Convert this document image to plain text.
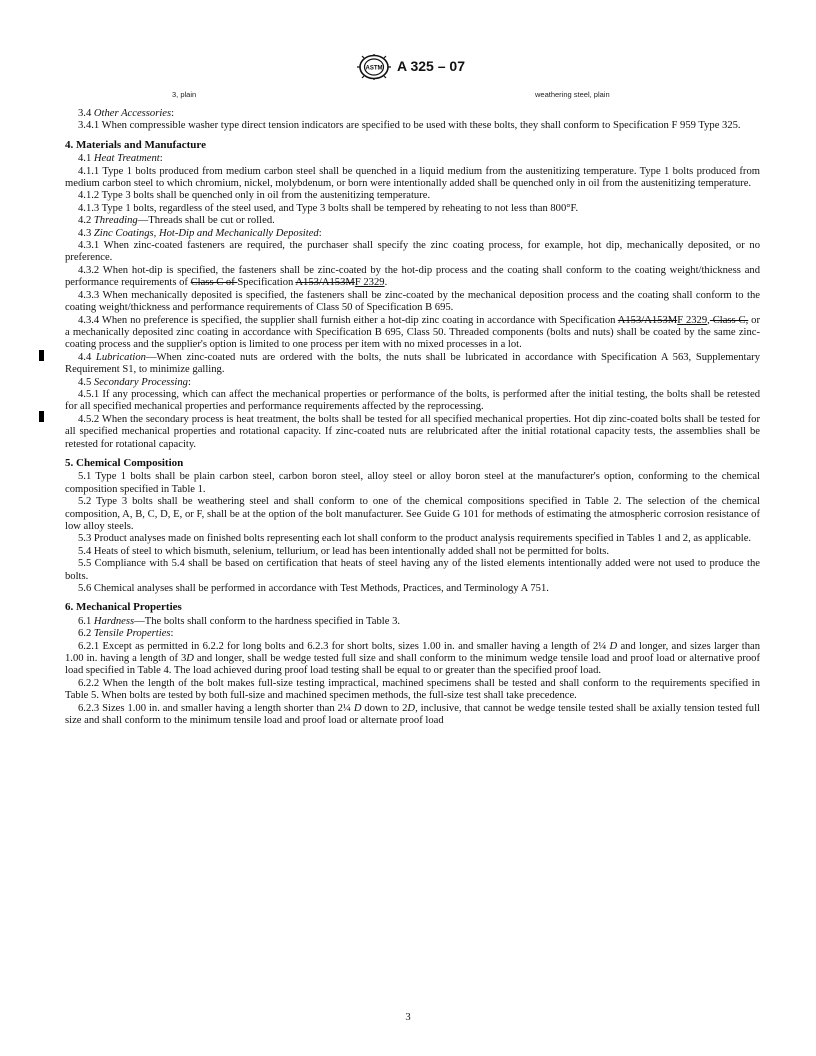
ASTM A 325 – 07
3, plain	weathering steel, plain

3.4 Other Accessories:

3.4.1 When compressible washer type direct tension indicators are specified to be used with these bolts, they shall conform to Specification F 959 Type 325.

4. Materials and Manufacture

4.1 Heat Treatment:

4.1.1 Type 1 bolts produced from medium carbon steel shall be quenched in a liquid medium from the austenitizing temperature. Type 1 bolts produced from medium carbon steel to which chromium, nickel, molybdenum, or born were intentionally added shall be quenched only in oil from the austenitizing temperature.

4.1.2 Type 3 bolts shall be quenched only in oil from the austenitizing temperature.

4.1.3 Type 1 bolts, regardless of the steel used, and Type 3 bolts shall be tempered by reheating to not less than 800°F.

4.2 Threading—Threads shall be cut or rolled.

4.3 Zinc Coatings, Hot-Dip and Mechanically Deposited:

4.3.1 When zinc-coated fasteners are required, the purchaser shall specify the zinc coating process, for example, hot dip, mechanically deposited, or no preference.

4.3.2 When hot-dip is specified, the fasteners shall be zinc-coated by the hot-dip process and the coating shall conform to the coating weight/thickness and performance requirements of Class C of Specification A153/A153MF 2329.

4.3.3 When mechanically deposited is specified, the fasteners shall be zinc-coated by the mechanical deposition process and the coating shall conform to the coating weight/thickness and performance requirements of Class 50 of Specification B 695.

4.3.4 When no preference is specified, the supplier shall furnish either a hot-dip zinc coating in accordance with Specification A153/A153MF 2329, Class C, or a mechanically deposited zinc coating in accordance with Specification B 695, Class 50. Threaded components (bolts and nuts) shall be coated by the same zinc-coating process and the supplier's option is limited to one process per item with no mixed processes in a lot.

4.4 Lubrication—When zinc-coated nuts are ordered with the bolts, the nuts shall be lubricated in accordance with Specification A 563, Supplementary Requirement S1, to minimize galling.

4.5 Secondary Processing:

4.5.1 If any processing, which can affect the mechanical properties or performance of the bolts, is performed after the initial testing, the bolts shall be retested for all specified mechanical properties and performance requirements affected by the reprocessing.

4.5.2 When the secondary process is heat treatment, the bolts shall be tested for all specified mechanical properties. Hot dip zinc-coated bolts shall be tested for all specified mechanical properties and rotational capacity. If zinc-coated nuts are relubricated after the initial rotational capacity tests, the assemblies shall be retested for rotational capacity.

5. Chemical Composition

5.1 Type 1 bolts shall be plain carbon steel, carbon boron steel, alloy steel or alloy boron steel at the manufacturer's option, conforming to the chemical composition specified in Table 1.

5.2 Type 3 bolts shall be weathering steel and shall conform to one of the chemical compositions specified in Table 2. The selection of the chemical composition, A, B, C, D, E, or F, shall be at the option of the bolt manufacturer. See Guide G 101 for methods of estimating the atmospheric corrosion resistance of low alloy steels.

5.3 Product analyses made on finished bolts representing each lot shall conform to the product analysis requirements specified in Tables 1 and 2, as applicable.

5.4 Heats of steel to which bismuth, selenium, tellurium, or lead has been intentionally added shall not be permitted for bolts.

5.5 Compliance with 5.4 shall be based on certification that heats of steel having any of the listed elements intentionally added were not used to produce the bolts.

5.6 Chemical analyses shall be performed in accordance with Test Methods, Practices, and Terminology A 751.

6. Mechanical Properties

6.1 Hardness—The bolts shall conform to the hardness specified in Table 3.

6.2 Tensile Properties:

6.2.1 Except as permitted in 6.2.2 for long bolts and 6.2.3 for short bolts, sizes 1.00 in. and smaller having a length of 2¼ D and longer, and sizes larger than 1.00 in. having a length of 3D and longer, shall be wedge tested full size and shall conform to the minimum wedge tensile load and proof load or alternative proof load specified in Table 4. The load achieved during proof load testing shall be equal to or greater than the specified proof load.

6.2.2 When the length of the bolt makes full-size testing impractical, machined specimens shall be tested and shall conform to the requirements specified in Table 5. When bolts are tested by both full-size and machined specimen methods, the full-size test shall take precedence.

6.2.3 Sizes 1.00 in. and smaller having a length shorter than 2¼ D down to 2D, inclusive, that cannot be wedge tensile tested shall be axially tension tested full size and shall conform to the minimum tensile load and proof load or alternate proof load

3
